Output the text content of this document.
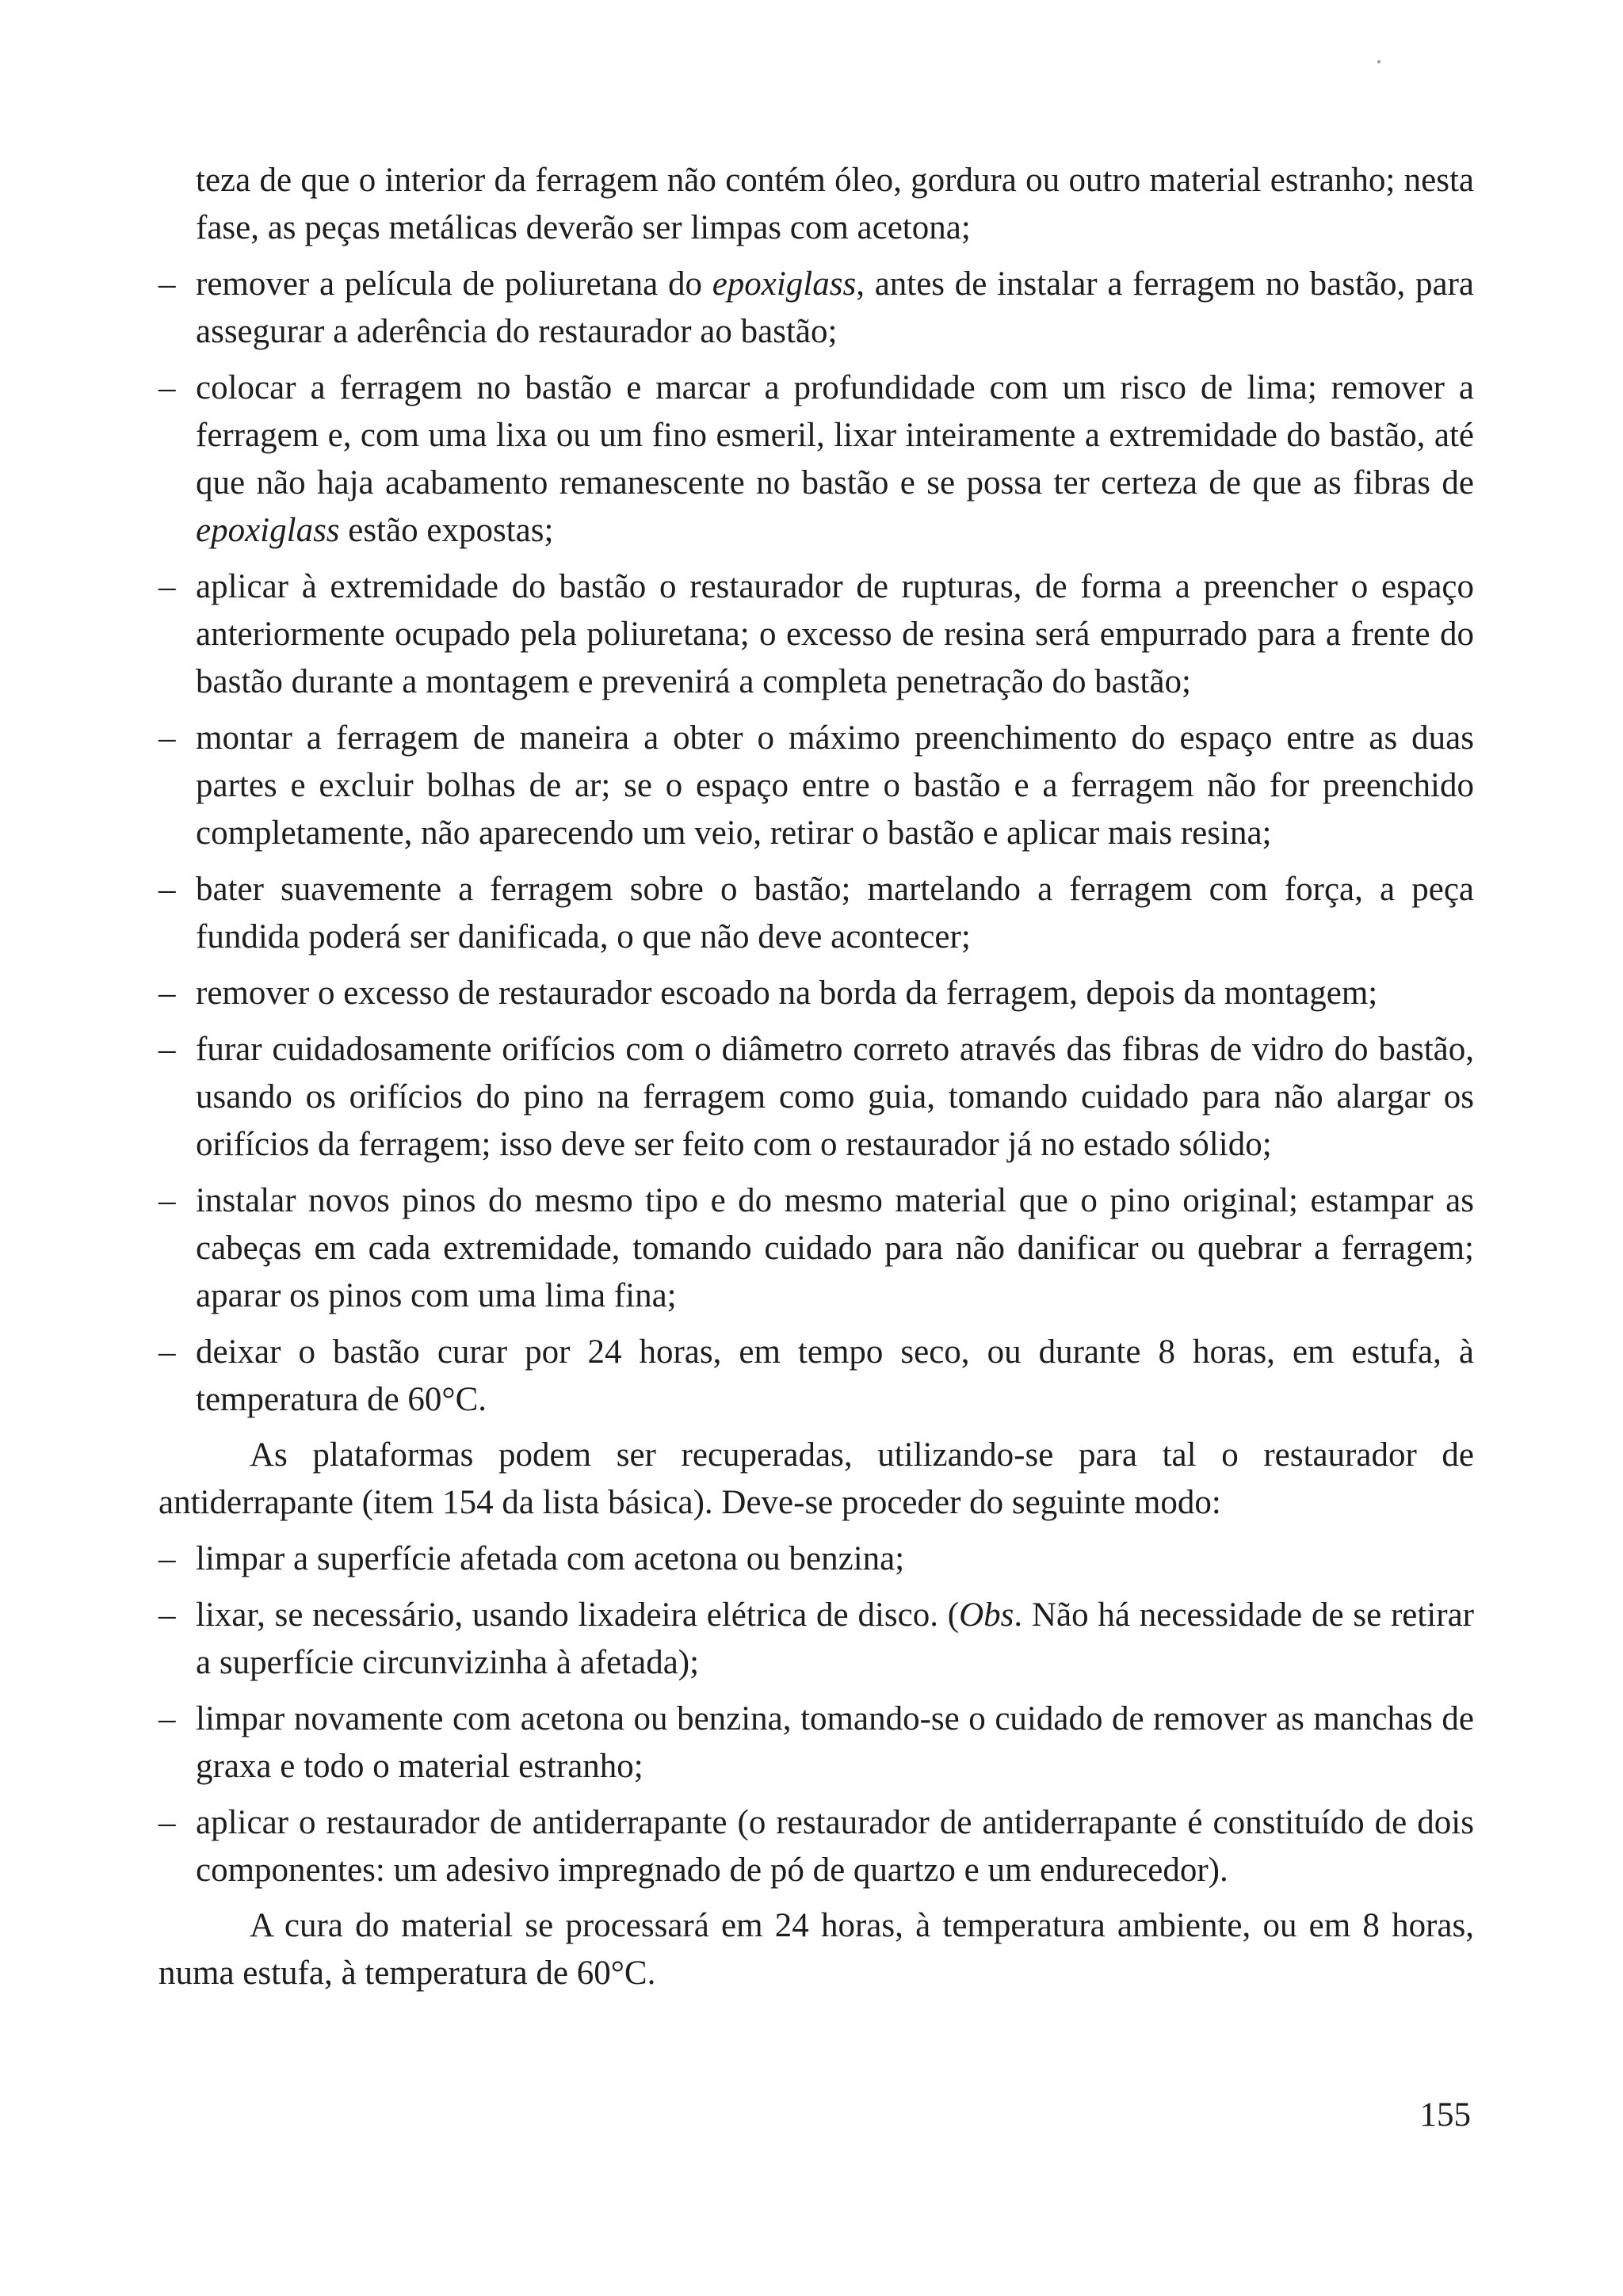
teza de que o interior da ferragem não contém óleo, gordura ou outro material estranho; nesta fase, as peças metálicas deverão ser limpas com acetona;

– remover a película de poliuretana do epoxiglass, antes de instalar a ferragem no bastão, para assegurar a aderência do restaurador ao bastão;
– colocar a ferragem no bastão e marcar a profundidade com um risco de lima; remover a ferragem e, com uma lixa ou um fino esmeril, lixar inteiramente a extremidade do bastão, até que não haja acabamento remanescente no bastão e se possa ter certeza de que as fibras de epoxiglass estão expostas;
– aplicar à extremidade do bastão o restaurador de rupturas, de forma a preencher o espaço anteriormente ocupado pela poliuretana; o excesso de resina será empurrado para a frente do bastão durante a montagem e prevenirá a completa penetração do bastão;
– montar a ferragem de maneira a obter o máximo preenchimento do espaço entre as duas partes e excluir bolhas de ar; se o espaço entre o bastão e a ferragem não for preenchido completamente, não aparecendo um veio, retirar o bastão e aplicar mais resina;
– bater suavemente a ferragem sobre o bastão; martelando a ferragem com força, a peça fundida poderá ser danificada, o que não deve acontecer;
– remover o excesso de restaurador escoado na borda da ferragem, depois da montagem;
– furar cuidadosamente orifícios com o diâmetro correto através das fibras de vidro do bastão, usando os orifícios do pino na ferragem como guia, tomando cuidado para não alargar os orifícios da ferragem; isso deve ser feito com o restaurador já no estado sólido;
– instalar novos pinos do mesmo tipo e do mesmo material que o pino original; estampar as cabeças em cada extremidade, tomando cuidado para não danificar ou quebrar a ferragem; aparar os pinos com uma lima fina;
– deixar o bastão curar por 24 horas, em tempo seco, ou durante 8 horas, em estufa, à temperatura de 60°C.

As plataformas podem ser recuperadas, utilizando-se para tal o restaurador de antiderrapante (item 154 da lista básica). Deve-se proceder do seguinte modo:

– limpar a superfície afetada com acetona ou benzina;
– lixar, se necessário, usando lixadeira elétrica de disco. (Obs. Não há necessidade de se retirar a superfície circunvizinha à afetada);
– limpar novamente com acetona ou benzina, tomando-se o cuidado de remover as manchas de graxa e todo o material estranho;
– aplicar o restaurador de antiderrapante (o restaurador de antiderrapante é constituído de dois componentes: um adesivo impregnado de pó de quartzo e um endurecedor).

A cura do material se processará em 24 horas, à temperatura ambiente, ou em 8 horas, numa estufa, à temperatura de 60°C.

155
